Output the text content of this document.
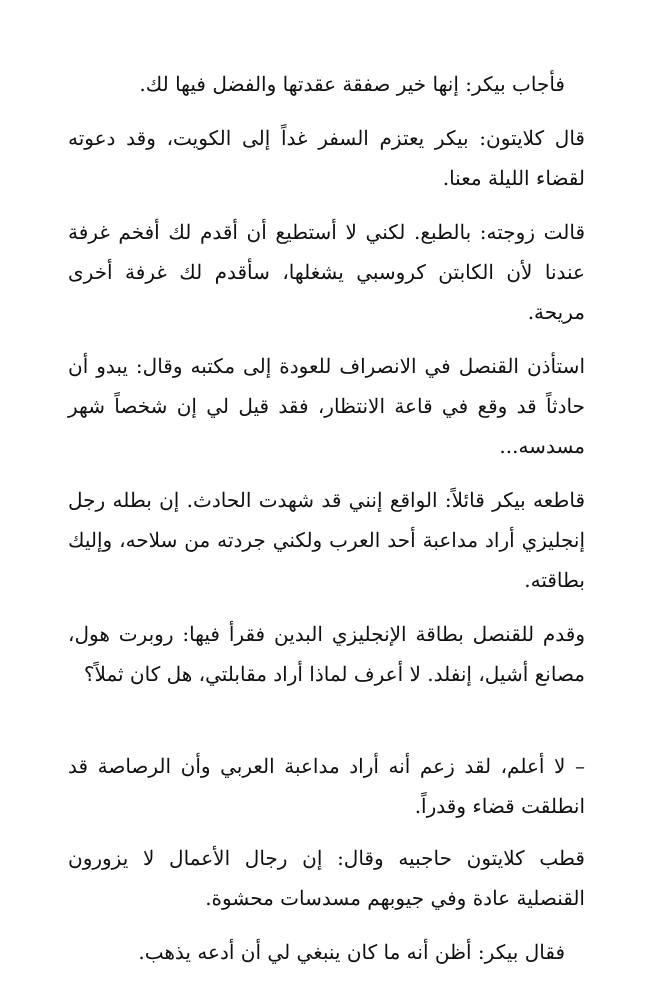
فأجاب بيكر: إنها خير صفقة عقدتها والفضل فيها لك.

قال كلايتون: بيكر يعتزم السفر غداً إلى الكويت، وقد دعوته لقضاء الليلة معنا.

قالت زوجته: بالطبع. لكني لا أستطيع أن أقدم لك أفخم غرفة عندنا لأن الكابتن كروسبي يشغلها، سأقدم لك غرفة أخرى مريحة.

استأذن القنصل في الانصراف للعودة إلى مكتبه وقال: يبدو أن حادثاً قد وقع في قاعة الانتظار، فقد قيل لي إن شخصاً شهر مسدسه...

قاطعه بيكر قائلاً: الواقع إنني قد شهدت الحادث. إن بطله رجل إنجليزي أراد مداعبة أحد العرب ولكني جردته من سلاحه، وإليك بطاقته.

وقدم للقنصل بطاقة الإنجليزي البدين فقرأ فيها: روبرت هول، مصانع أشيل، إنفلد. لا أعرف لماذا أراد مقابلتي، هل كان ثملاً؟

– لا أعلم، لقد زعم أنه أراد مداعبة العربي وأن الرصاصة قد انطلقت قضاء وقدراً.

قطب كلايتون حاجبيه وقال: إن رجال الأعمال لا يزورون القنصلية عادة وفي جيوبهم مسدسات محشوة.

فقال بيكر: أظن أنه ما كان ينبغي لي أن أدعه يذهب.
